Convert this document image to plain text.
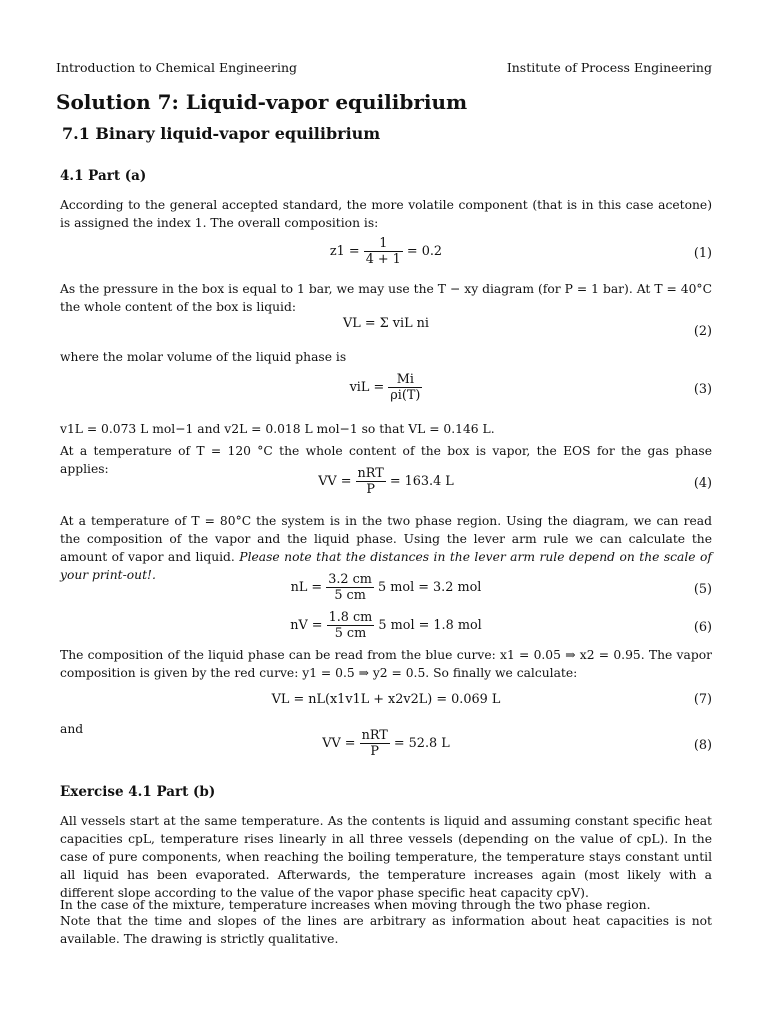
Introduction to Chemical Engineering	Institute of Process Engineering
Solution 7: Liquid-vapor equilibrium
7.1 Binary liquid-vapor equilibrium
4.1 Part (a)
According to the general accepted standard, the more volatile component (that is in this case acetone) is assigned the index 1. The overall composition is:
$z1 = \frac{1}{4 + 1} = 0.2$	(1)
As the pressure in the box is equal to 1 bar, we may use the T − xy diagram (for P = 1 bar). At T = 40°C the whole content of the box is liquid:
VL = Σ viL ni
(2)
where the molar volume of the liquid phase is
viL = $\frac{Mi}{\rho i(T)}$	(3)
v1L = 0.073 L mol−1 and v2L = 0.018 L mol−1 so that VL = 0.146 L.
At a temperature of T = 120 °C the whole content of the box is vapor, the EOS for the gas phase applies:
VV = $\frac{\text{nRT}}{P} = 163.4$ L	(4)
At a temperature of T = 80°C the system is in the two phase region. Using the diagram, we can read the composition of the vapor and the liquid phase. Using the lever arm rule we can calculate the amount of vapor and liquid. Please note that the distances in the lever arm rule depend on the scale of your print-out!.
nL = $\frac{3.2 cm}{5 cm} 5$ mol = 3.2 mol	(5)
nV = $\frac{1.8 cm}{5 cm} 5$ mol = 1.8 mol	(6)
The composition of the liquid phase can be read from the blue curve: x1 = 0.05 ⇒ x2 = 0.95. The vapor composition is given by the red curve: y1 = 0.5 ⇒ y2 = 0.5. So finally we calculate:
VL = nL(x1v1L + x2v2L) = 0.069 L	(7)
and
VV = $\frac{\text{nRT}}{P} = 52.8$ L	(8)
Exercise 4.1 Part (b)
All vessels start at the same temperature. As the contents is liquid and assuming constant specific heat capacities cpL, temperature rises linearly in all three vessels (depending on the value of cpL). In the case of pure components, when reaching the boiling temperature, the temperature stays constant until all liquid has been evaporated. Afterwards, the temperature increases again (most likely with a different slope according to the value of the vapor phase specific heat capacity cpV).
In the case of the mixture, temperature increases when moving through the two phase region.
Note that the time and slopes of the lines are arbitrary as information about heat capacities is not available. The drawing is strictly qualitative.
